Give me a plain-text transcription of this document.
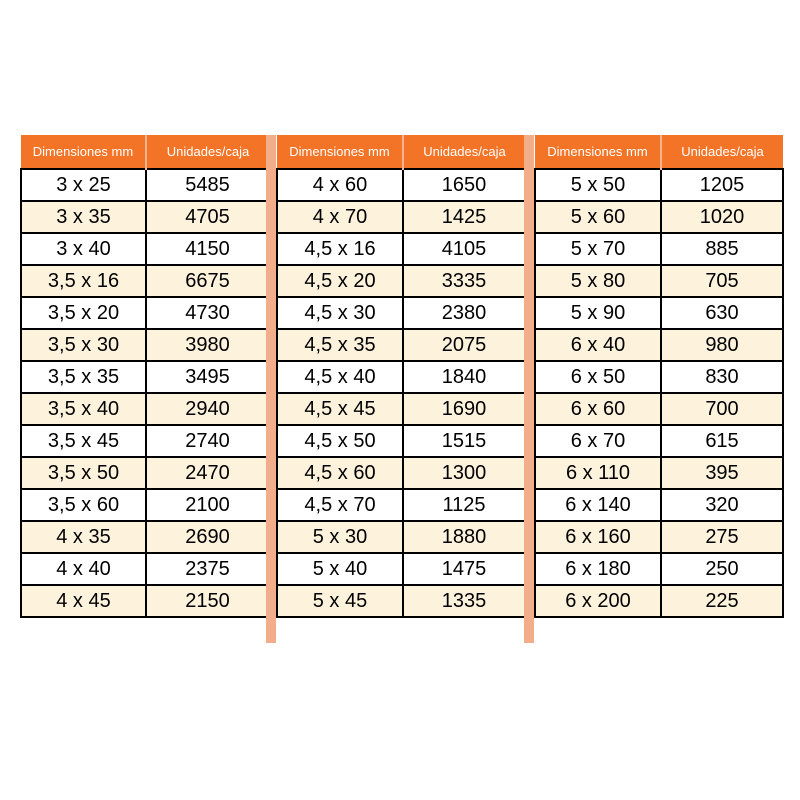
Dimensiones mm	Unidades/caja
3 x 25	5485
3 x 35	4705
3 x 40	4150
3,5 x 16	6675
3,5 x 20	4730
3,5 x 30	3980
3,5 x 35	3495
3,5 x 40	2940
3,5 x 45	2740
3,5 x 50	2470
3,5 x 60	2100
4 x 35	2690
4 x 40	2375
4 x 45	2150
Dimensiones mm	Unidades/caja
4 x 60	1650
4 x 70	1425
4,5 x 16	4105
4,5 x 20	3335
4,5 x 30	2380
4,5 x 35	2075
4,5 x 40	1840
4,5 x 45	1690
4,5 x 50	1515
4,5 x 60	1300
4,5 x 70	1125
5 x 30	1880
5 x 40	1475
5 x 45	1335
Dimensiones mm	Unidades/caja
5 x 50	1205
5 x 60	1020
5 x 70	885
5 x 80	705
5 x 90	630
6 x 40	980
6 x 50	830
6 x 60	700
6 x 70	615
6 x 110	395
6 x 140	320
6 x 160	275
6 x 180	250
6 x 200	225
